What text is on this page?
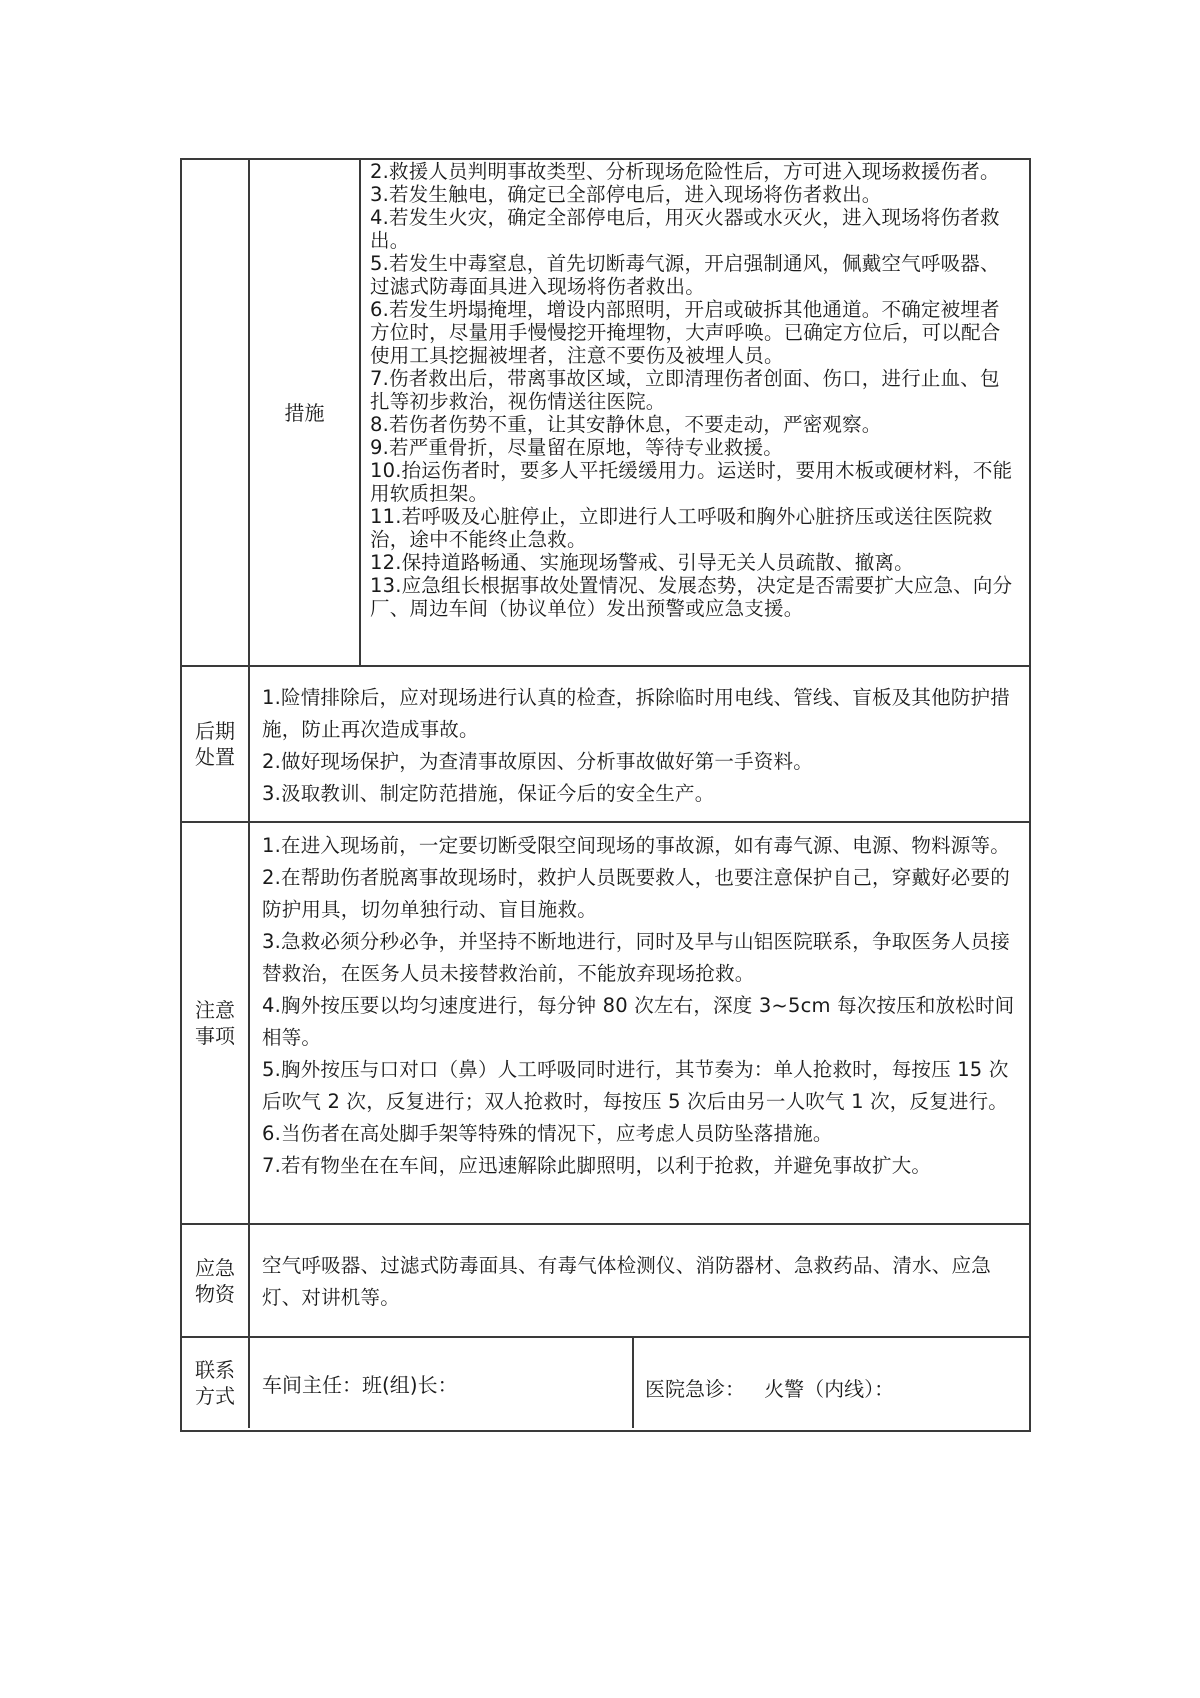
措施

2.救援人员判明事故类型、分析现场危险性后，方可进入现场救援伤者。

3.若发生触电，确定已全部停电后，进入现场将伤者救出。

4.若发生火灾，确定全部停电后，用灭火器或水灭火，进入现场将伤者救出。

5.若发生中毒窒息，首先切断毒气源，开启强制通风，佩戴空气呼吸器、过滤式防毒面具进入现场将伤者救出。

6.若发生坍塌掩埋，增设内部照明，开启或破拆其他通道。不确定被埋者方位时，尽量用手慢慢挖开掩埋物，大声呼唤。已确定方位后，可以配合使用工具挖掘被埋者，注意不要伤及被埋人员。

7.伤者救出后，带离事故区域，立即清理伤者创面、伤口，进行止血、包扎等初步救治，视伤情送往医院。

8.若伤者伤势不重，让其安静休息，不要走动，严密观察。

9.若严重骨折，尽量留在原地，等待专业救援。

10.抬运伤者时，要多人平托缓缓用力。运送时，要用木板或硬材料，不能用软质担架。

11.若呼吸及心脏停止，立即进行人工呼吸和胸外心脏挤压或送往医院救治，途中不能终止急救。

12.保持道路畅通、实施现场警戒、引导无关人员疏散、撤离。

13.应急组长根据事故处置情况、发展态势，决定是否需要扩大应急、向分厂、周边车间（协议单位）发出预警或应急支援。

后期
处置

1.险情排除后，应对现场进行认真的检查，拆除临时用电线、管线、盲板及其他防护措施，防止再次造成事故。

2.做好现场保护，为查清事故原因、分析事故做好第一手资料。

3.汲取教训、制定防范措施，保证今后的安全生产。

注意
事项

1.在进入现场前，一定要切断受限空间现场的事故源，如有毒气源、电源、物料源等。

2.在帮助伤者脱离事故现场时，救护人员既要救人，也要注意保护自己，穿戴好必要的防护用具，切勿单独行动、盲目施救。

3.急救必须分秒必争，并坚持不断地进行，同时及早与山铝医院联系，争取医务人员接替救治，在医务人员未接替救治前，不能放弃现场抢救。

4.胸外按压要以均匀速度进行，每分钟 80 次左右，深度 3~5cm 每次按压和放松时间相等。

5.胸外按压与口对口（鼻）人工呼吸同时进行，其节奏为：单人抢救时，每按压 15 次后吹气 2 次，反复进行；双人抢救时，每按压 5 次后由另一人吹气 1 次，反复进行。

6.当伤者在高处脚手架等特殊的情况下，应考虑人员防坠落措施。

7.若有物坐在在车间，应迅速解除此脚照明，以利于抢救，并避免事故扩大。

应急
物资

空气呼吸器、过滤式防毒面具、有毒气体检测仪、消防器材、急救药品、清水、应急灯、对讲机等。

联系
方式 车间主任：班(组)长：	医院急诊：   火警（内线）：
